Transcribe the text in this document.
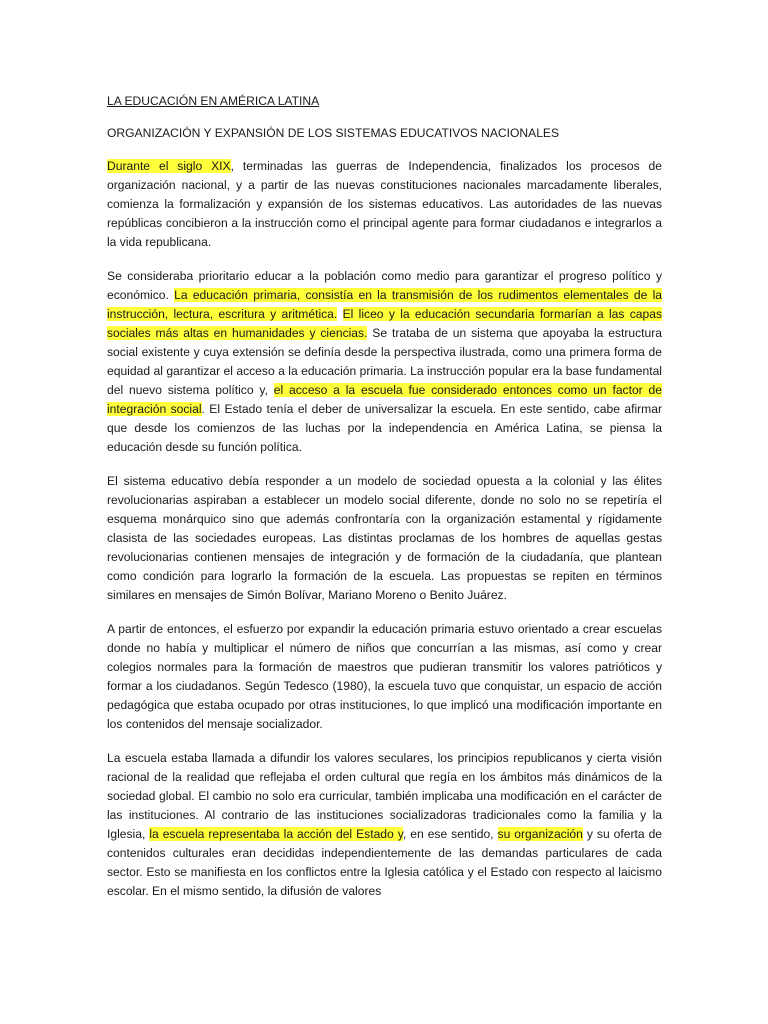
LA EDUCACIÓN EN AMÉRICA LATINA
ORGANIZACIÓN Y EXPANSIÓN DE LOS SISTEMAS EDUCATIVOS NACIONALES

Durante el siglo XIX, terminadas las guerras de Independencia, finalizados los procesos de organización nacional, y a partir de las nuevas constituciones nacionales marcadamente liberales, comienza la formalización y expansión de los sistemas educativos. Las autoridades de las nuevas repúblicas concibieron a la instrucción como el principal agente para formar ciudadanos e integrarlos a la vida republicana.

Se consideraba prioritario educar a la población como medio para garantizar el progreso político y económico. La educación primaria, consistía en la transmisión de los rudimentos elementales de la instrucción, lectura, escritura y aritmética. El liceo y la educación secundaria formarían a las capas sociales más altas en humanidades y ciencias. Se trataba de un sistema que apoyaba la estructura social existente y cuya extensión se definía desde la perspectiva ilustrada, como una primera forma de equidad al garantizar el acceso a la educación primaria. La instrucción popular era la base fundamental del nuevo sistema político y, el acceso a la escuela fue considerado entonces como un factor de integración social. El Estado tenía el deber de universalizar la escuela. En este sentido, cabe afirmar que desde los comienzos de las luchas por la independencia en América Latina, se piensa la educación desde su función política.

El sistema educativo debía responder a un modelo de sociedad opuesta a la colonial y las élites revolucionarias aspiraban a establecer un modelo social diferente, donde no solo no se repetiría el esquema monárquico sino que además confrontaría con la organización estamental y rígidamente clasista de las sociedades europeas. Las distintas proclamas de los hombres de aquellas gestas revolucionarias contienen mensajes de integración y de formación de la ciudadanía, que plantean como condición para lograrlo la formación de la escuela. Las propuestas se repiten en términos similares en mensajes de Simón Bolívar, Mariano Moreno o Benito Juárez.

A partir de entonces, el esfuerzo por expandir la educación primaria estuvo orientado a crear escuelas donde no había y multiplicar el número de niños que concurrían a las mismas, así como y crear colegios normales para la formación de maestros que pudieran transmitir los valores patrióticos y formar a los ciudadanos. Según Tedesco (1980), la escuela tuvo que conquistar, un espacio de acción pedagógica que estaba ocupado por otras instituciones, lo que implicó una modificación importante en los contenidos del mensaje socializador.

La escuela estaba llamada a difundir los valores seculares, los principios republicanos y cierta visión racional de la realidad que reflejaba el orden cultural que regía en los ámbitos más dinámicos de la sociedad global. El cambio no solo era curricular, también implicaba una modificación en el carácter de las instituciones. Al contrario de las instituciones socializadoras tradicionales como la familia y la Iglesia, la escuela representaba la acción del Estado y, en ese sentido, su organización y su oferta de contenidos culturales eran decididas independientemente de las demandas particulares de cada sector. Esto se manifiesta en los conflictos entre la Iglesia católica y el Estado con respecto al laicismo escolar. En el mismo sentido, la difusión de valores
